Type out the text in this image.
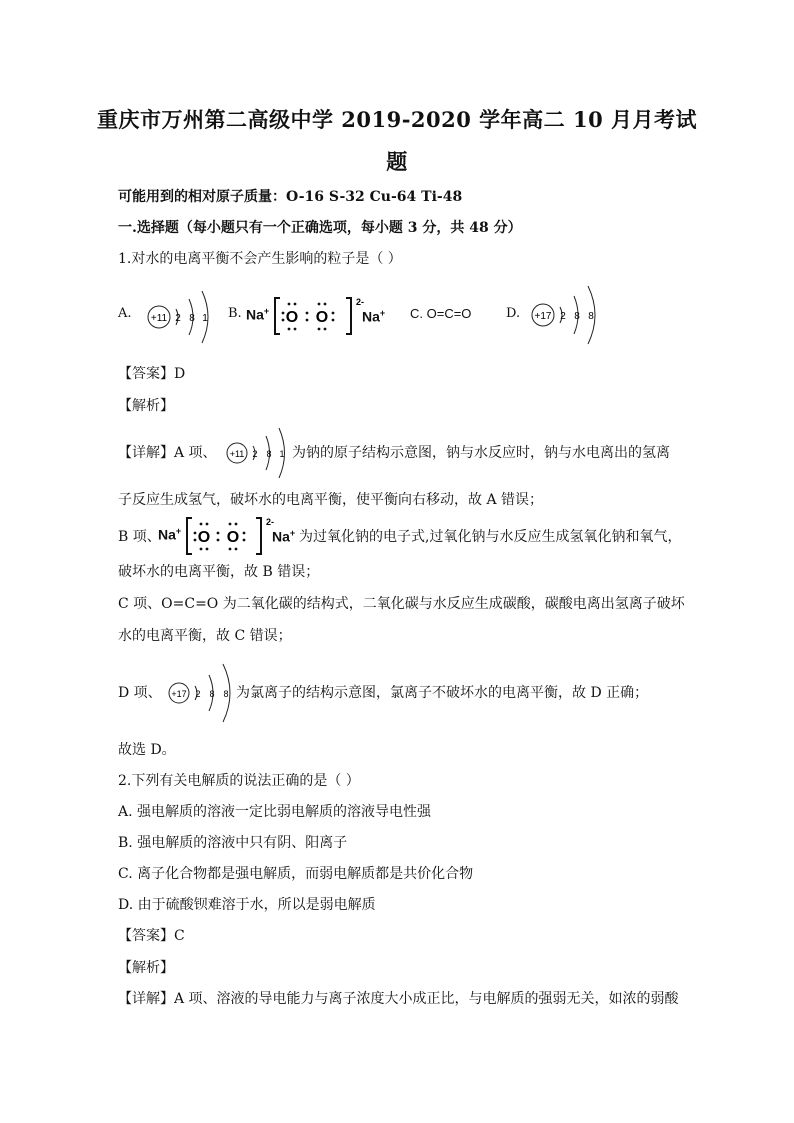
重庆市万州第二高级中学 2019-2020 学年高二 10 月月考试
题
可能用到的相对原子质量：O-16 S-32 Cu-64 Ti-48
一.选择题（每小题只有一个正确选项，每小题 3 分，共 48 分）
1.对水的电离平衡不会产生影响的粒子是（ ）
A. +11 2 8 1 B. Na+ O O
2-
Na+ C. O=C=O	D. +17 2 8 8
【答案】D
【解析】
【详解】A 项、 +11 2 8 1 为钠的原子结构示意图，钠与水反应时，钠与水电离出的氢离
子反应生成氢气，破坏水的电离平衡，使平衡向右移动，故 A 错误；
B 项、
Na+ O O
2-
Na+ 为过氧化钠的电子式,过氧化钠与水反应生成氢氧化钠和氧气，
破坏水的电离平衡，故 B 错误；
C 项、O=C=O 为二氧化碳的结构式，二氧化碳与水反应生成碳酸，碳酸电离出氢离子破坏
水的电离平衡，故 C 错误；
D 项、 +17 2 8 8 为氯离子的结构示意图，氯离子不破坏水的电离平衡，故 D 正确；
故选 D。
2.下列有关电解质的说法正确的是（ ）
A. 强电解质的溶液一定比弱电解质的溶液导电性强
B. 强电解质的溶液中只有阴、阳离子
C. 离子化合物都是强电解质，而弱电解质都是共价化合物
D. 由于硫酸钡难溶于水，所以是弱电解质
【答案】C
【解析】
【详解】A 项、溶液的导电能力与离子浓度大小成正比，与电解质的强弱无关，如浓的弱酸
